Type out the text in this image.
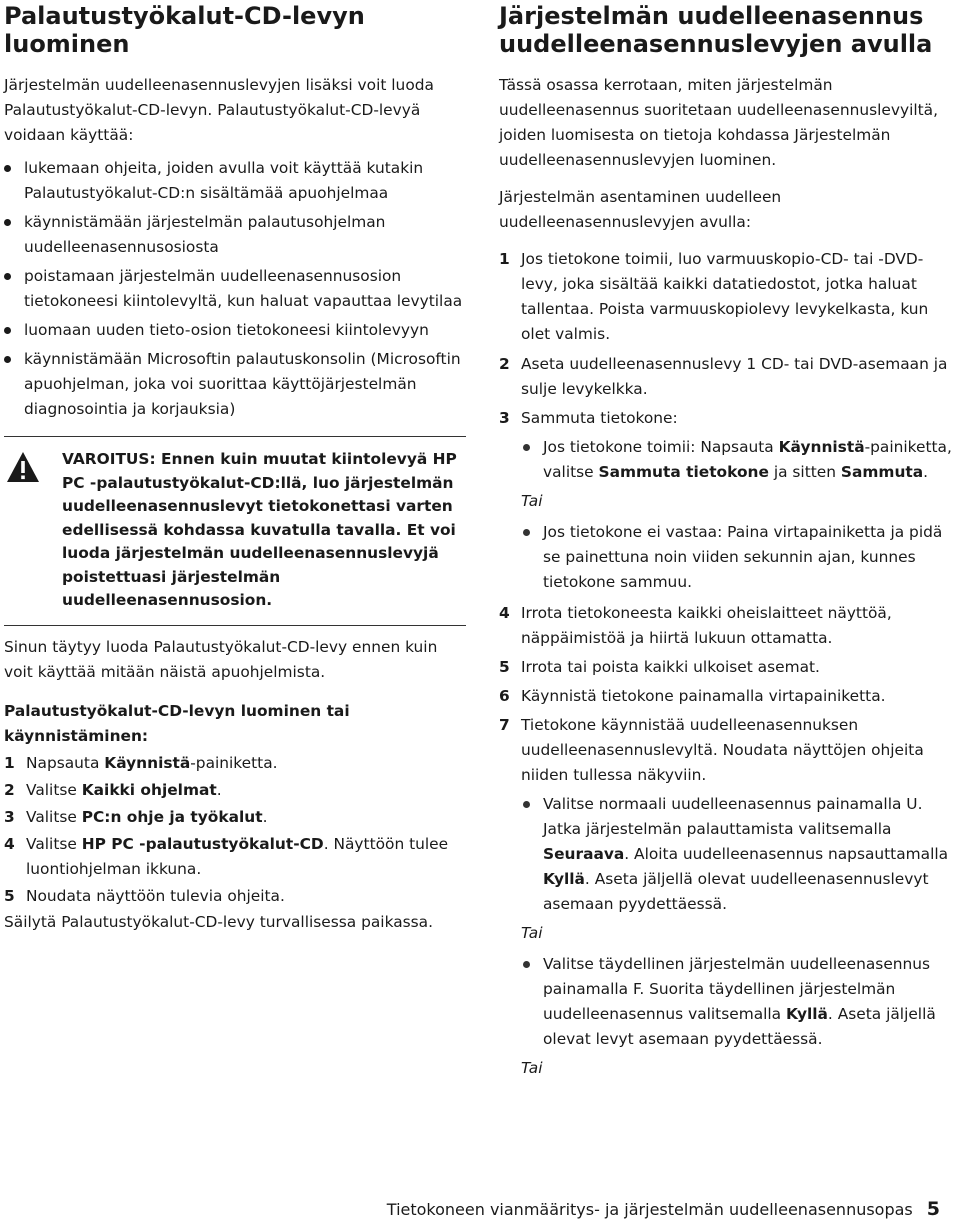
Palautustyökalut-CD-levyn luominen

Järjestelmän uudelleenasennuslevyjen lisäksi voit luoda Palautustyökalut-CD-levyn. Palautustyökalut-CD-levyä voidaan käyttää:

lukemaan ohjeita, joiden avulla voit käyttää kutakin Palautustyökalut-CD:n sisältämää apuohjelmaa
käynnistämään järjestelmän palautusohjelman uudelleenasennusosiosta
poistamaan järjestelmän uudelleenasennusosion tietokoneesi kiintolevyltä, kun haluat vapauttaa levytilaa
luomaan uuden tieto-osion tietokoneesi kiintolevyyn
käynnistämään Microsoftin palautuskonsolin (Microsoftin apuohjelman, joka voi suorittaa käyttöjärjestelmän diagnosointia ja korjauksia)
VAROITUS: Ennen kuin muutat kiintolevyä HP PC -palautustyökalut-CD:llä, luo järjestelmän uudelleenasennuslevyt tietokonettasi varten edellisessä kohdassa kuvatulla tavalla. Et voi luoda järjestelmän uudelleenasennuslevyjä poistettuasi järjestelmän uudelleenasennusosion.

Sinun täytyy luoda Palautustyökalut-CD-levy ennen kuin voit käyttää mitään näistä apuohjelmista.

Palautustyökalut-CD-levyn luominen tai käynnistäminen:

1 Napsauta Käynnistä-painiketta.
2 Valitse Kaikki ohjelmat.
3 Valitse PC:n ohje ja työkalut.
4 Valitse HP PC -palautustyökalut-CD. Näyttöön tulee luontiohjelman ikkuna.
5 Noudata näyttöön tulevia ohjeita.

Säilytä Palautustyökalut-CD-levy turvallisessa paikassa.

Järjestelmän uudelleenasennus uudelleenasennuslevyjen avulla

Tässä osassa kerrotaan, miten järjestelmän uudelleenasennus suoritetaan uudelleenasennuslevyiltä, joiden luomisesta on tietoja kohdassa Järjestelmän uudelleenasennuslevyjen luominen.

Järjestelmän asentaminen uudelleen uudelleenasennuslevyjen avulla:

1 Jos tietokone toimii, luo varmuuskopio-CD- tai -DVD-levy, joka sisältää kaikki datatiedostot, jotka haluat tallentaa. Poista varmuuskopiolevy levykelkasta, kun olet valmis.
2 Aseta uudelleenasennuslevy 1 CD- tai DVD-asemaan ja sulje levykelkka.
3 Sammuta tietokone:
Jos tietokone toimii: Napsauta Käynnistä-painiketta, valitse Sammuta tietokone ja sitten Sammuta.

Tai

Jos tietokone ei vastaa: Paina virtapainiketta ja pidä se painettuna noin viiden sekunnin ajan, kunnes tietokone sammuu.
4 Irrota tietokoneesta kaikki oheislaitteet näyttöä, näppäimistöä ja hiirtä lukuun ottamatta.
5 Irrota tai poista kaikki ulkoiset asemat.
6 Käynnistä tietokone painamalla virtapainiketta.
7 Tietokone käynnistää uudelleenasennuksen uudelleenasennuslevyltä. Noudata näyttöjen ohjeita niiden tullessa näkyviin.
Valitse normaali uudelleenasennus painamalla U. Jatka järjestelmän palauttamista valitsemalla Seuraava. Aloita uudelleenasennus napsauttamalla Kyllä. Aseta jäljellä olevat uudelleenasennuslevyt asemaan pyydettäessä.

Tai

Valitse täydellinen järjestelmän uudelleenasennus painamalla F. Suorita täydellinen järjestelmän uudelleenasennus valitsemalla Kyllä. Aseta jäljellä olevat levyt asemaan pyydettäessä.

Tai

Tietokoneen vianmääritys- ja järjestelmän uudelleenasennusopas 5
